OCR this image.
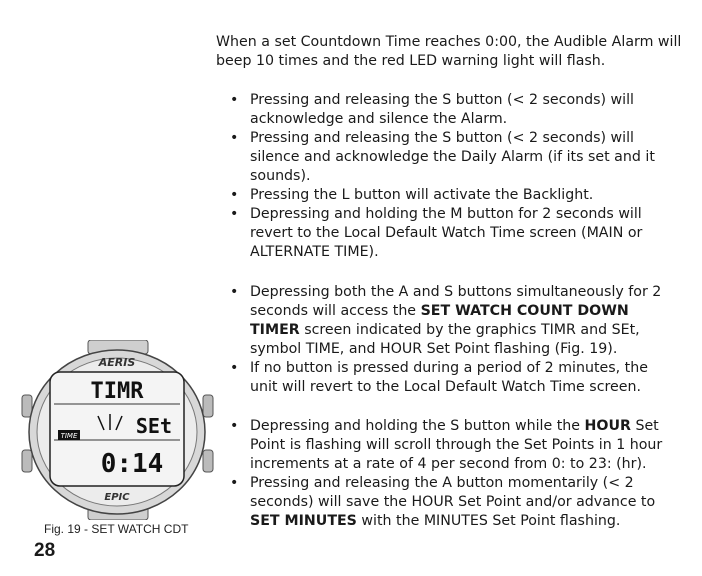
When a set Countdown Time reaches 0:00, the Audible Alarm will beep 10 times and the red LED warning light will flash.

• Pressing and releasing the S button (< 2 seconds) will acknowledge and silence the Alarm.
• Pressing and releasing the S button (< 2 seconds) will silence and acknowledge the Daily Alarm (if its set and it sounds).
• Pressing the L button will activate the Backlight.
• Depressing and holding the M button for 2 seconds will revert to the Local Default Watch Time screen (MAIN or ALTERNATE TIME).
• Depressing both the A and S buttons simultaneously for 2 seconds will access the SET WATCH COUNT DOWN TIMER screen indicated by the graphics TIMR and SEt, symbol TIME, and HOUR Set Point flashing (Fig. 19).
• If no button is pressed during a period of 2 minutes, the unit will revert to the Local Default Watch Time screen.
• Depressing and holding the S button while the HOUR Set Point is flashing will scroll through the Set Points in 1 hour increments at a rate of 4 per second from 0: to 23: (hr).
• Pressing and releasing the A button momentarily (< 2 seconds) will save the HOUR Set Point and/or advance to SET MINUTES with the MINUTES Set Point flashing.
AERIS
TIMR
SEt
TIME
0:14
EPIC
Fig. 19 - SET WATCH CDT
28
